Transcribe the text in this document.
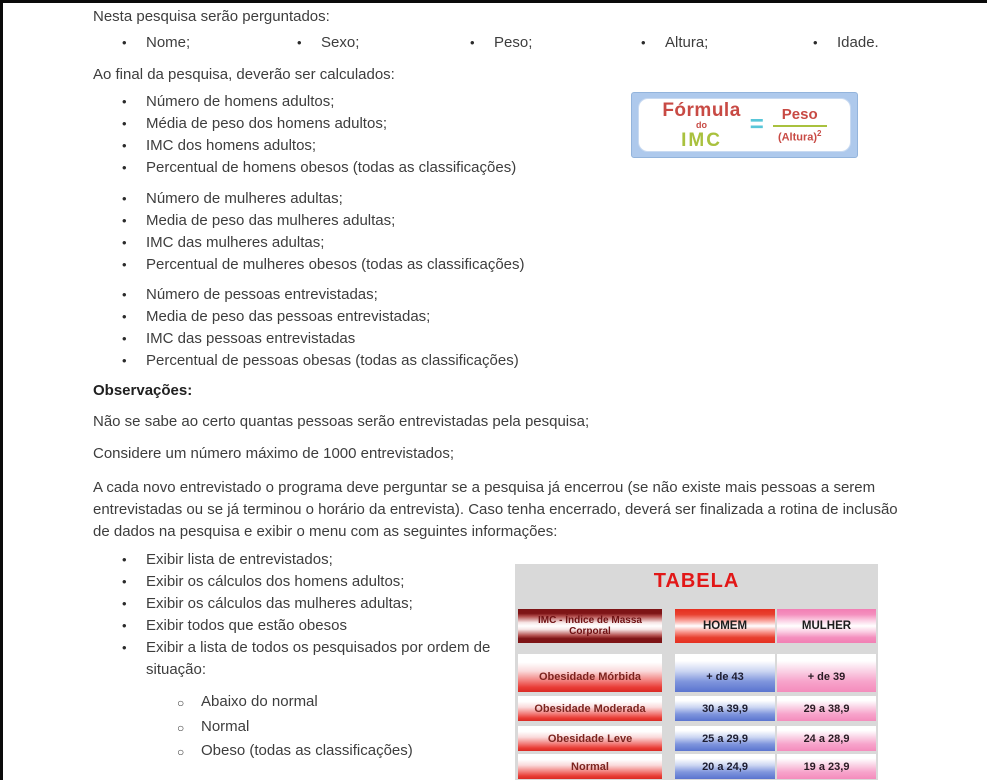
Nesta pesquisa serão perguntados:
• Nome;	• Sexo;	• Peso;	• Altura;	• Idade.
Ao final da pesquisa, deverão ser calculados:
• Número de homens adultos;
• Média de peso dos homens adultos;
• IMC dos homens adultos;
• Percentual de homens obesos (todas as classificações)
• Número de mulheres adultas;
• Media de peso das mulheres adultas;
• IMC das mulheres adultas;
• Percentual de mulheres obesos (todas as classificações)
• Número de pessoas entrevistadas;
• Media de peso das pessoas entrevistadas;
• IMC das pessoas entrevistadas
• Percentual de pessoas obesas (todas as classificações)
Observações:
Não se sabe ao certo quantas pessoas serão entrevistadas pela pesquisa;
Considere um número máximo de 1000 entrevistados;
A cada novo entrevistado o programa deve perguntar se a pesquisa já encerrou (se não existe mais pessoas a serem entrevistadas ou se já terminou o horário da entrevista). Caso tenha encerrado, deverá ser finalizada a rotina de inclusão de dados na pesquisa e exibir o menu com as seguintes informações:
• Exibir lista de entrevistados;
• Exibir os cálculos dos homens adultos;
• Exibir os cálculos das mulheres adultas;
• Exibir todos que estão obesos
• Exibir a lista de todos os pesquisados por ordem de situação:
○ Abaixo do normal
○ Normal
○ Obeso (todas as classificações)
Fórmula
do
IMC
= $\frac{\text{Peso}}{(Altura)^2}$
TABELA
IMC - Índice de Massa Corporal	HOMEM	MULHER
Obesidade Mórbida	+ de 43	+ de 39
Obesidade Moderada	30 a 39,9	29 a 38,9
Obesidade Leve	25 a 29,9	24 a 28,9
Normal	20 a 24,9	19 a 23,9
